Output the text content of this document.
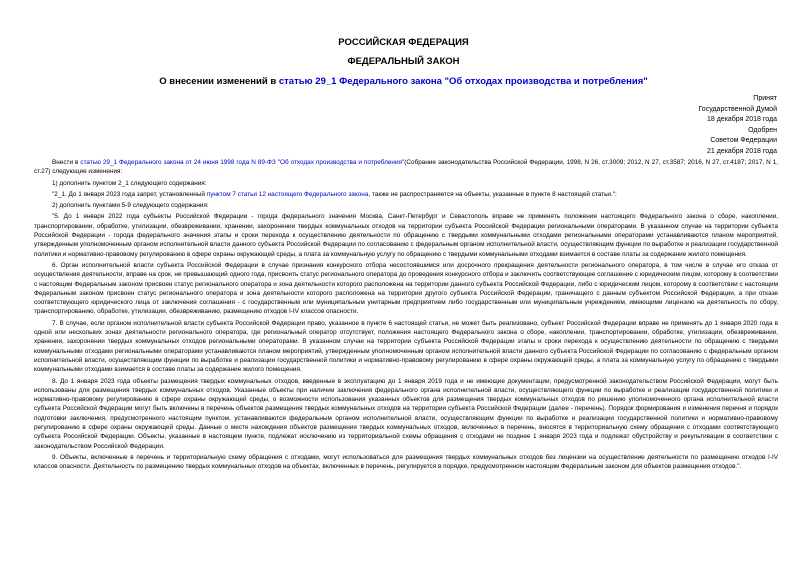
РОССИЙСКАЯ ФЕДЕРАЦИЯ
ФЕДЕРАЛЬНЫЙ ЗАКОН
О внесении изменений в статью 29_1 Федерального закона "Об отходах производства и потребления"
Принят
Государственной Думой
18 декабря 2018 года
Одобрен
Советом Федерации
21 декабря 2018 года

Внести в статью 29_1 Федерального закона от 24 июня 1998 года N 89-ФЗ "Об отходах производства и потребления"(Собрание законодательства Российской Федерации, 1998, N 26, ст.3009; 2012, N 27, ст.3587; 2016, N 27, ст.4187; 2017, N 1, ст.27) следующие изменения:

1) дополнить пунктом 2_1 следующего содержания:

"2_1. До 1 января 2023 года запрет, установленный пунктом 7 статьи 12 настоящего Федерального закона, также не распространяется на объекты, указанные в пункте 8 настоящей статьи.";

2) дополнить пунктами 5-9 следующего содержания:

"5. До 1 января 2022 года субъекты Российской Федерации - города федерального значения Москва, Санкт-Петербург и Севастополь вправе не применять положения настоящего Федерального закона о сборе, накоплении, транспортировании, обработке, утилизации, обезвреживании, хранении, захоронении твердых коммунальных отходов на территории субъекта Российской Федерации региональными операторами. В указанном случае на территории субъекта Российской Федерации - города федерального значения этапы и сроки перехода к осуществлению деятельности по обращению с твердыми коммунальными отходами региональными операторами устанавливаются планом мероприятий, утвержденным уполномоченным органом исполнительной власти данного субъекта Российской Федерации по согласованию с федеральным органом исполнительной власти, осуществляющим функции по выработке и реализации государственной политики и нормативно-правовому регулированию в сфере охраны окружающей среды, а плата за коммунальную услугу по обращению с твердыми коммунальными отходами взимается в составе платы за содержание жилого помещения.

6. Орган исполнительной власти субъекта Российской Федерации в случае признания конкурсного отбора несостоявшимся или досрочного прекращения деятельности регионального оператора, в том числе в случае его отказа от осуществления деятельности, вправе на срок, не превышающий одного года, присвоить статус регионального оператора до проведения конкурсного отбора и заключить соответствующее соглашение с юридическим лицом, которому в соответствии с настоящим Федеральным законом присвоен статус регионального оператора и зона деятельности которого расположена на территории данного субъекта Российской Федерации, либо с юридическим лицом, которому в соответствии с настоящим Федеральным законом присвоен статус регионального оператора и зона деятельности которого расположена на территории другого субъекта Российской Федерации, граничащего с данным субъектом Российской Федерации, а при отказе соответствующего юридического лица от заключения соглашения - с государственным или муниципальным унитарным предприятием либо государственным или муниципальным учреждением, имеющими лицензию на деятельность по сбору, транспортированию, обработке, утилизации, обезвреживанию, размещению отходов I-IV классов опасности.

7. В случае, если органом исполнительной власти субъекта Российской Федерации право, указанное в пункте 6 настоящей статьи, не может быть реализовано, субъект Российской Федерации вправе не применять до 1 января 2020 года в одной или нескольких зонах деятельности регионального оператора, где региональный оператор отсутствует, положения настоящего Федерального закона о сборе, накоплении, транспортировании, обработке, утилизации, обезвреживании, хранении, захоронении твердых коммунальных отходов региональными операторами. В указанном случае на территории субъекта Российской Федерации этапы и сроки перехода к осуществлению деятельности по обращению с твердыми коммунальными отходами региональными операторами устанавливаются планом мероприятий, утвержденным уполномоченным органом исполнительной власти данного субъекта Российской Федерации по согласованию с федеральным органом исполнительной власти, осуществляющим функции по выработке и реализации государственной политики и нормативно-правовому регулированию в сфере охраны окружающей среды, а плата за коммунальную услугу по обращению с твердыми коммунальными отходами взимается в составе платы за содержание жилого помещения.

8. До 1 января 2023 года объекты размещения твердых коммунальных отходов, введенные в эксплуатацию до 1 января 2019 года и не имеющие документации, предусмотренной законодательством Российской Федерации, могут быть использованы для размещения твердых коммунальных отходов. Указанные объекты при наличии заключения федерального органа исполнительной власти, осуществляющего функции по выработке и реализации государственной политики и нормативно-правовому регулированию в сфере охраны окружающей среды, о возможности использования указанных объектов для размещения твердых коммунальных отходов по решению уполномоченного органа исполнительной власти субъекта Российской Федерации могут быть включены в перечень объектов размещения твердых коммунальных отходов на территории субъекта Российской Федерации (далее - перечень). Порядок формирования и изменения перечня и порядок подготовки заключения, предусмотренного настоящим пунктом, устанавливаются федеральным органом исполнительной власти, осуществляющим функции по выработке и реализации государственной политики и нормативно-правовому регулированию в сфере охраны окружающей среды. Данные о месте нахождения объектов размещения твердых коммунальных отходов, включенных в перечень, вносятся в территориальную схему обращения с отходами соответствующего субъекта Российской Федерации. Объекты, указанные в настоящем пункте, подлежат исключению из территориальной схемы обращения с отходами не позднее 1 января 2023 года и подлежат обустройству и рекультивации в соответствии с законодательством Российской Федерации.

9. Объекты, включенные в перечень и территориальную схему обращения с отходами, могут использоваться для размещения твердых коммунальных отходов без лицензии на осуществление деятельности по размещению отходов I-IV классов опасности. Деятельность по размещению твердых коммунальных отходов на объектах, включенных в перечень, регулируется в порядке, предусмотренном настоящим Федеральным законом для объектов размещения отходов.".
